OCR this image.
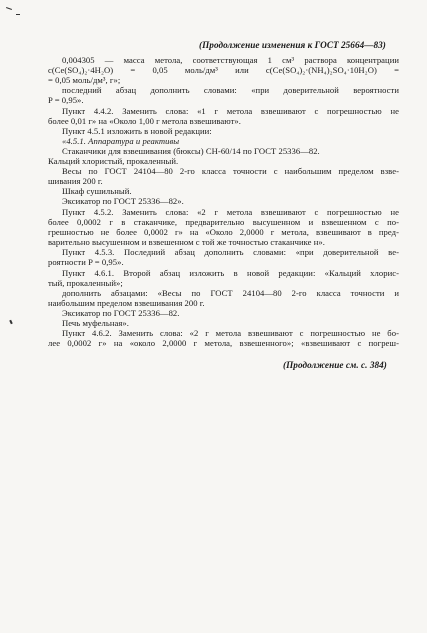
(Продолжение изменения к ГОСТ 25664—83)
0,004305 — масса метола, соответствующая 1 см³ раствора концентрации
c(Ce(SO₄)₂·4H₂O) = 0,05 моль/дм³ или c(Ce(SO₄)₂·(NH₄)₂SO₄·10H₂O) =
= 0,05 моль/дм³, г»;
последний абзац дополнить словами: «при доверительной вероятности
P = 0,95».
Пункт 4.4.2. Заменить слова: «1 г метола взвешивают с погрешностью не
более 0,01 г» на «Около 1,00 г метола взвешивают».
Пункт 4.5.1 изложить в новой редакции:
«4.5.1. Аппаратура и реактивы
Стаканчики для взвешивания (бюксы) СН-60/14 по ГОСТ 25336—82.
Кальций хлористый, прокаленный.
Весы по ГОСТ 24104—80 2-го класса точности с наибольшим пределом взве-
шивания 200 г.
Шкаф сушильный.
Эксикатор по ГОСТ 25336—82».
Пункт 4.5.2. Заменить слова: «2 г метола взвешивают с погрешностью не
более 0,0002 г в стаканчике, предварительно высушенном и взвешенном с по-
грешностью не более 0,0002 г» на «Около 2,0000 г метола, взвешивают в пред-
варительно высушенном и взвешенном с той же точностью стаканчике н».
Пункт 4.5.3. Последний абзац дополнить словами: «при доверительной ве-
роятности P = 0,95».
Пункт 4.6.1. Второй абзац изложить в новой редакции: «Кальций хлорис-
тый, прокаленный»;
дополнить абзацами: «Весы по ГОСТ 24104—80 2-го класса точности и
наибольшим пределом взвешивания 200 г.
Эксикатор по ГОСТ 25336—82.
Печь муфельная».
Пункт 4.6.2. Заменить слова: «2 г метола взвешивают с погрешностью не бо-
лее 0,0002 г» на «около 2,0000 г метола, взвешенного»; «взвешивают с погреш-
(Продолжение см. с. 384)
